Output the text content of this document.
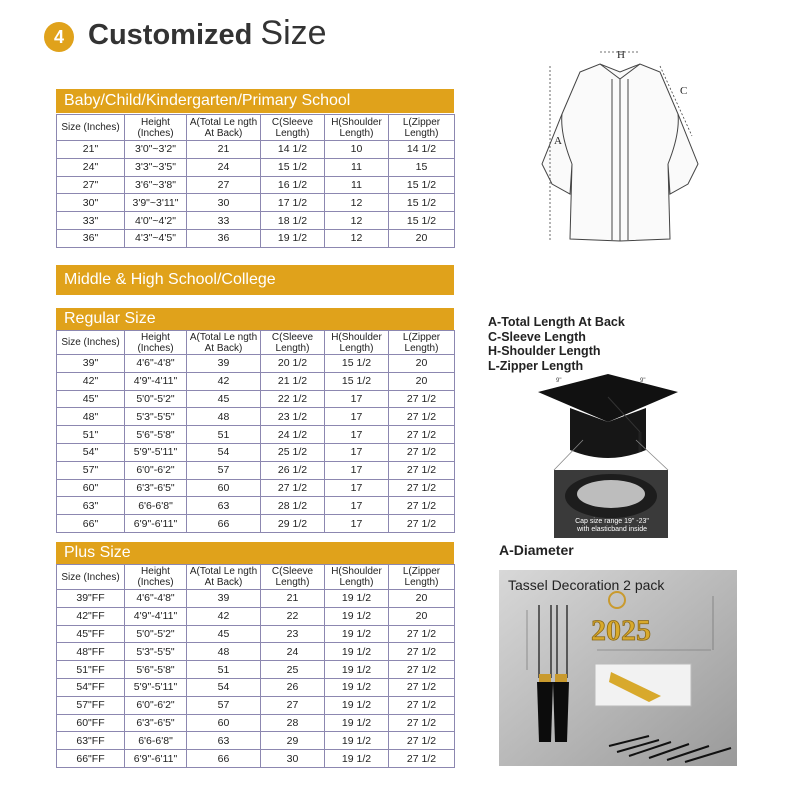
4 Customized Size
Baby/Child/Kindergarten/Primary School
Size (Inches)	Height (Inches)	A(Total Le ngth At Back)	C(Sleeve Length)	H(Shoulder Length)	L(Zipper Length)
21"	3'0"~3'2"	21	14 1/2	10	14 1/2
24"	3'3"~3'5"	24	15 1/2	11	15
27"	3'6"~3'8"	27	16 1/2	11	15 1/2
30"	3'9"~3'11"	30	17 1/2	12	15 1/2
33"	4'0"~4'2"	33	18 1/2	12	15 1/2
36"	4'3"~4'5"	36	19 1/2	12	20
Middle & High School/College
Regular Size
Size (Inches)	Height (Inches)	A(Total Le ngth At Back)	C(Sleeve Length)	H(Shoulder Length)	L(Zipper Length)
39"	4'6"-4'8"	39	20 1/2	15 1/2	20
42"	4'9"-4'11"	42	21 1/2	15 1/2	20
45"	5'0"-5'2"	45	22 1/2	17	27 1/2
48"	5'3"-5'5"	48	23 1/2	17	27 1/2
51"	5'6"-5'8"	51	24 1/2	17	27 1/2
54"	5'9"-5'11"	54	25 1/2	17	27 1/2
57"	6'0"-6'2"	57	26 1/2	17	27 1/2
60"	6'3"-6'5"	60	27 1/2	17	27 1/2
63"	6'6-6'8"	63	28 1/2	17	27 1/2
66"	6'9"-6'11"	66	29 1/2	17	27 1/2
Plus Size
Size (Inches)	Height (Inches)	A(Total Le ngth At Back)	C(Sleeve Length)	H(Shoulder Length)	L(Zipper Length)
39"FF	4'6"-4'8"	39	21	19 1/2	20
42"FF	4'9"-4'11"	42	22	19 1/2	20
45"FF	5'0"-5'2"	45	23	19 1/2	27 1/2
48"FF	5'3"-5'5"	48	24	19 1/2	27 1/2
51"FF	5'6"-5'8"	51	25	19 1/2	27 1/2
54"FF	5'9"-5'11"	54	26	19 1/2	27 1/2
57"FF	6'0"-6'2"	57	27	19 1/2	27 1/2
60"FF	6'3"-6'5"	60	28	19 1/2	27 1/2
63"FF	6'6-6'8"	63	29	19 1/2	27 1/2
66"FF	6'9"-6'11"	66	30	19 1/2	27 1/2
H
C
A
A-Total Length At Back
C-Sleeve Length
H-Shoulder Length
L-Zipper Length
9"	9"
Cap size range 19" -23"
with elasticband inside
A-Diameter
2025
Tassel Decoration 2 pack
